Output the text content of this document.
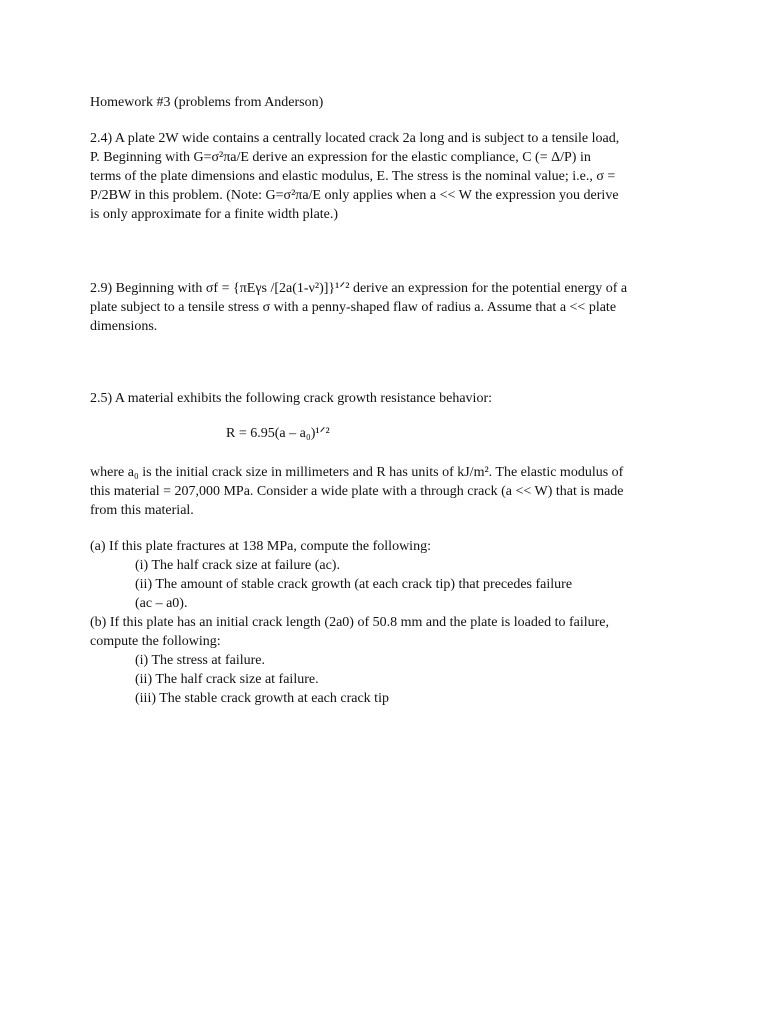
Homework #3 (problems from Anderson)
2.4) A plate 2W wide contains a centrally located crack 2a long and is subject to a tensile load,
P. Beginning with G=σ²πa/E derive an expression for the elastic compliance, C (= Δ/P) in
terms of the plate dimensions and elastic modulus, E. The stress is the nominal value; i.e., σ =
P/2BW in this problem. (Note: G=σ²πa/E only applies when a << W the expression you derive
is only approximate for a finite width plate.)
2.9) Beginning with σf = {πEγs /[2a(1-ν²)]}¹ᐟ² derive an expression for the potential energy of a
plate subject to a tensile stress σ with a penny-shaped flaw of radius a. Assume that a << plate
dimensions.
2.5) A material exhibits the following crack growth resistance behavior:
R = 6.95(a – a₀)¹ᐟ²
where a₀ is the initial crack size in millimeters and R has units of kJ/m². The elastic modulus of
this material = 207,000 MPa. Consider a wide plate with a through crack (a << W) that is made
from this material.
(a) If this plate fractures at 138 MPa, compute the following:
(i) The half crack size at failure (ac).
(ii) The amount of stable crack growth (at each crack tip) that precedes failure
(ac – a0).
(b) If this plate has an initial crack length (2a0) of 50.8 mm and the plate is loaded to failure,
compute the following:
(i) The stress at failure.
(ii) The half crack size at failure.
(iii) The stable crack growth at each crack tip
